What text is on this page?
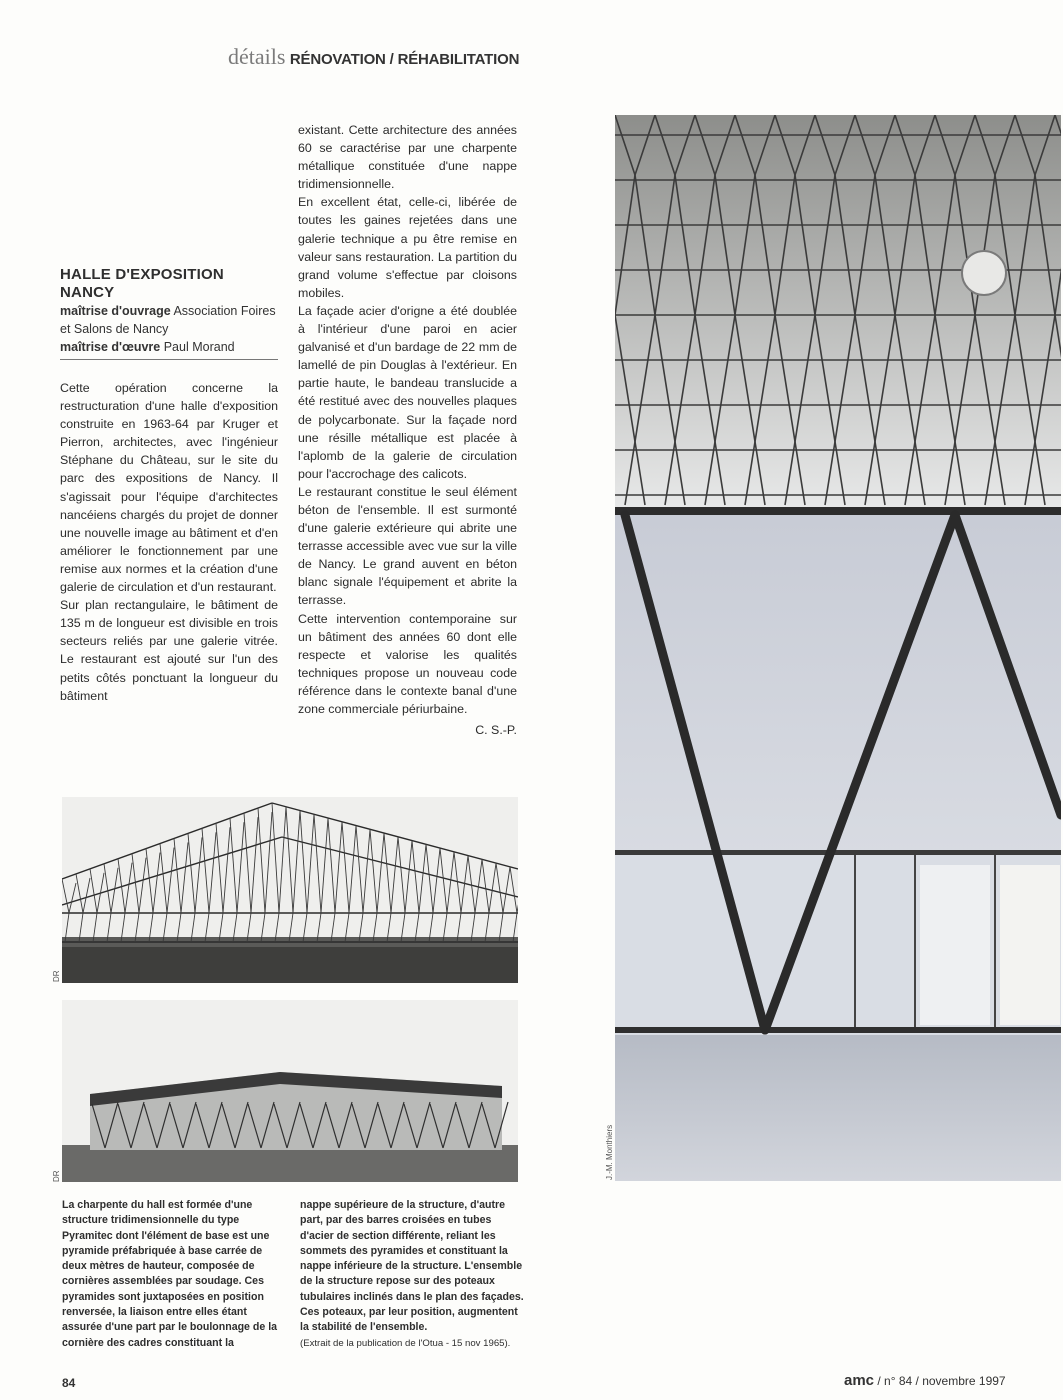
détails RÉNOVATION / RÉHABILITATION
HALLE D'EXPOSITION
NANCY
maîtrise d'ouvrage Association Foires et Salons de Nancy
maîtrise d'œuvre Paul Morand

Cette opération concerne la restructuration d'une halle d'exposition construite en 1963-64 par Kruger et Pierron, architectes, avec l'ingénieur Stéphane du Château, sur le site du parc des expositions de Nancy. Il s'agissait pour l'équipe d'architectes nancéiens chargés du projet de donner une nouvelle image au bâtiment et d'en améliorer le fonctionnement par une remise aux normes et la création d'une galerie de circulation et d'un restaurant.

Sur plan rectangulaire, le bâtiment de 135 m de longueur est divisible en trois secteurs reliés par une galerie vitrée. Le restaurant est ajouté sur l'un des petits côtés ponctuant la longueur du bâtiment

existant. Cette architecture des années 60 se caractérise par une charpente métallique constituée d'une nappe tridimensionnelle.

En excellent état, celle-ci, libérée de toutes les gaines rejetées dans une galerie technique a pu être remise en valeur sans restauration. La partition du grand volume s'effectue par cloisons mobiles.

La façade acier d'origne a été doublée à l'intérieur d'une paroi en acier galvanisé et d'un bardage de 22 mm de lamellé de pin Douglas à l'extérieur. En partie haute, le bandeau translucide a été restitué avec des nouvelles plaques de polycarbonate. Sur la façade nord une résille métallique est placée à l'aplomb de la galerie de circulation pour l'accrochage des calicots.

Le restaurant constitue le seul élément béton de l'ensemble. Il est surmonté d'une galerie extérieure qui abrite une terrasse accessible avec vue sur la ville de Nancy. Le grand auvent en béton blanc signale l'équipement et abrite la terrasse.

Cette intervention contemporaine sur un bâtiment des années 60 dont elle respecte et valorise les qualités techniques propose un nouveau code référence dans le contexte banal d'une zone commerciale périurbaine.

C. S.-P.

DR
DR	J.-M. Monthiers
La charpente du hall est formée d'une structure tridimensionnelle du type Pyramitec dont l'élément de base est une pyramide préfabriquée à base carrée de deux mètres de hauteur, composée de cornières assemblées par soudage. Ces pyramides sont juxtaposées en position renversée, la liaison entre elles étant assurée d'une part par le boulonnage de la cornière des cadres constituant la
nappe supérieure de la structure, d'autre part, par des barres croisées en tubes d'acier de section différente, reliant les sommets des pyramides et constituant la nappe inférieure de la structure. L'ensemble de la structure repose sur des poteaux tubulaires inclinés dans le plan des façades. Ces poteaux, par leur position, augmentent la stabilité de l'ensemble.
(Extrait de la publication de l'Otua - 15 nov 1965).
84	amc / n° 84 / novembre 1997
